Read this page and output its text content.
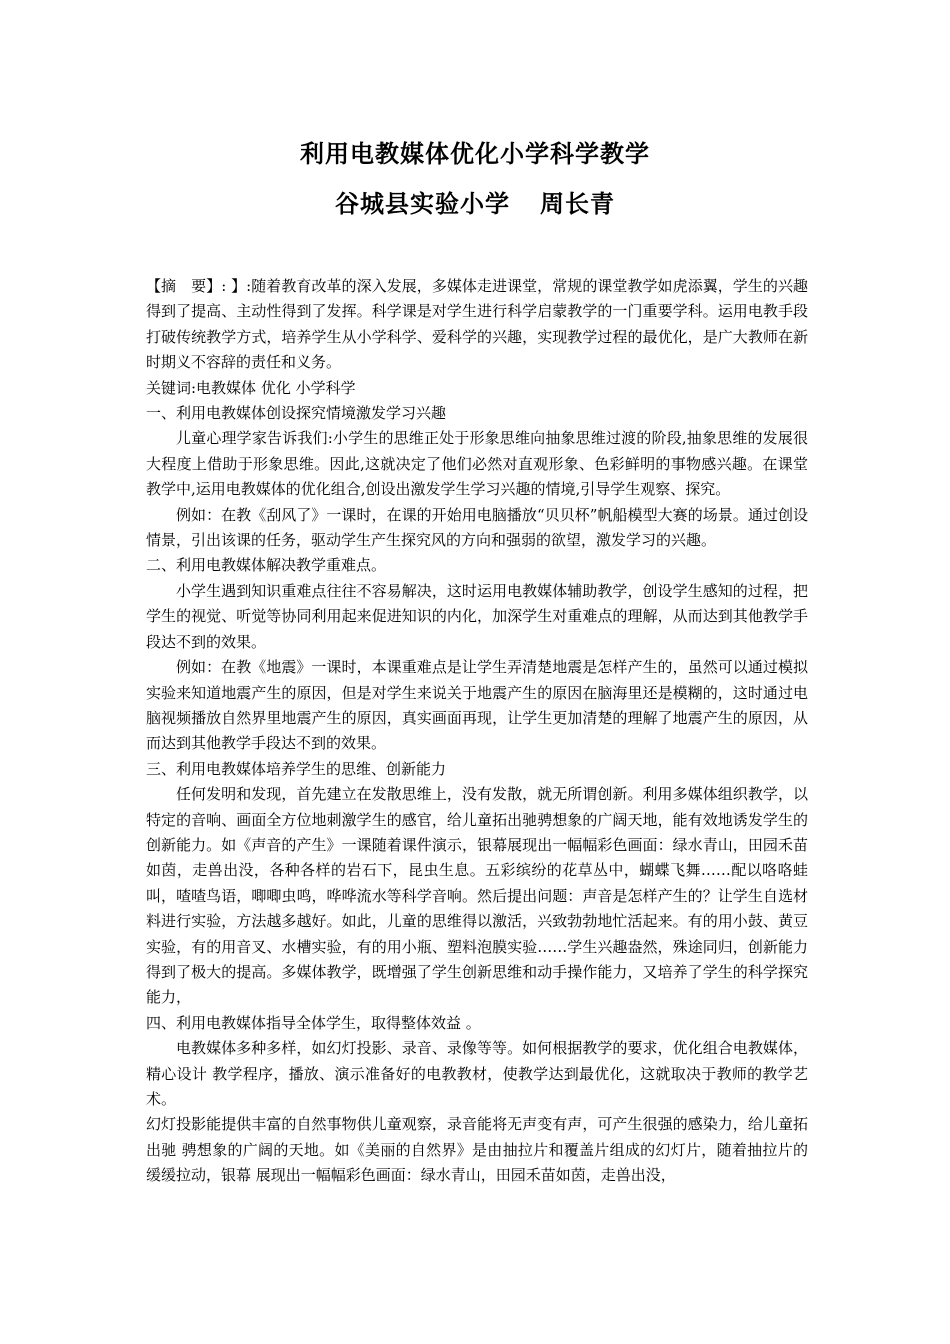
利用电教媒体优化小学科学教学
谷城县实验小学 周长青

【摘　要】: 】:随着教育改革的深入发展，多媒体走进课堂，常规的课堂教学如虎添翼，学生的兴趣得到了提高、主动性得到了发挥。科学课是对学生进行科学启蒙教学的一门重要学科。运用电教手段打破传统教学方式，培养学生从小学科学、爱科学的兴趣，实现教学过程的最优化，是广大教师在新时期义不容辞的责任和义务。

关键词:电教媒体 优化 小学科学

一、利用电教媒体创设探究情境激发学习兴趣

儿童心理学家告诉我们:小学生的思维正处于形象思维向抽象思维过渡的阶段,抽象思维的发展很大程度上借助于形象思维。因此,这就决定了他们必然对直观形象、色彩鲜明的事物感兴趣。在课堂教学中,运用电教媒体的优化组合,创设出激发学生学习兴趣的情境,引导学生观察、探究。

例如：在教《刮风了》一课时，在课的开始用电脑播放“贝贝杯”帆船模型大赛的场景。通过创设情景，引出该课的任务，驱动学生产生探究风的方向和强弱的欲望，激发学习的兴趣。

二、利用电教媒体解决教学重难点。

小学生遇到知识重难点往往不容易解决，这时运用电教媒体辅助教学，创设学生感知的过程，把学生的视觉、听觉等协同利用起来促进知识的内化，加深学生对重难点的理解，从而达到其他教学手段达不到的效果。

例如：在教《地震》一课时，本课重难点是让学生弄清楚地震是怎样产生的，虽然可以通过模拟实验来知道地震产生的原因，但是对学生来说关于地震产生的原因在脑海里还是模糊的，这时通过电脑视频播放自然界里地震产生的原因，真实画面再现，让学生更加清楚的理解了地震产生的原因，从而达到其他教学手段达不到的效果。

三、利用电教媒体培养学生的思维、创新能力

任何发明和发现，首先建立在发散思维上，没有发散，就无所谓创新。利用多媒体组织教学，以特定的音响、画面全方位地刺激学生的感官，给儿童拓出驰骋想象的广阔天地，能有效地诱发学生的创新能力。如《声音的产生》一课随着课件演示，银幕展现出一幅幅彩色画面：绿水青山，田园禾苗如茵，走兽出没，各种各样的岩石下，昆虫生息。五彩缤纷的花草丛中，蝴蝶飞舞……配以咯咯蛙叫，喳喳鸟语，唧唧虫鸣，哗哗流水等科学音响。然后提出问题：声音是怎样产生的？让学生自选材料进行实验，方法越多越好。如此，儿童的思维得以激活，兴致勃勃地忙活起来。有的用小鼓、黄豆实验，有的用音叉、水槽实验，有的用小瓶、塑料泡膜实验……学生兴趣盎然，殊途同归，创新能力得到了极大的提高。多媒体教学，既增强了学生创新思维和动手操作能力，又培养了学生的科学探究能力，

四、利用电教媒体指导全体学生，取得整体效益 。

电教媒体多种多样，如幻灯投影、录音、录像等等。如何根据教学的要求，优化组合电教媒体，精心设计 教学程序，播放、演示准备好的电教教材，使教学达到最优化，这就取决于教师的教学艺术。

幻灯投影能提供丰富的自然事物供儿童观察，录音能将无声变有声，可产生很强的感染力，给儿童拓出驰 骋想象的广阔的天地。如《美丽的自然界》是由抽拉片和覆盖片组成的幻灯片，随着抽拉片的缓缓拉动，银幕 展现出一幅幅彩色画面：绿水青山，田园禾苗如茵，走兽出没，
